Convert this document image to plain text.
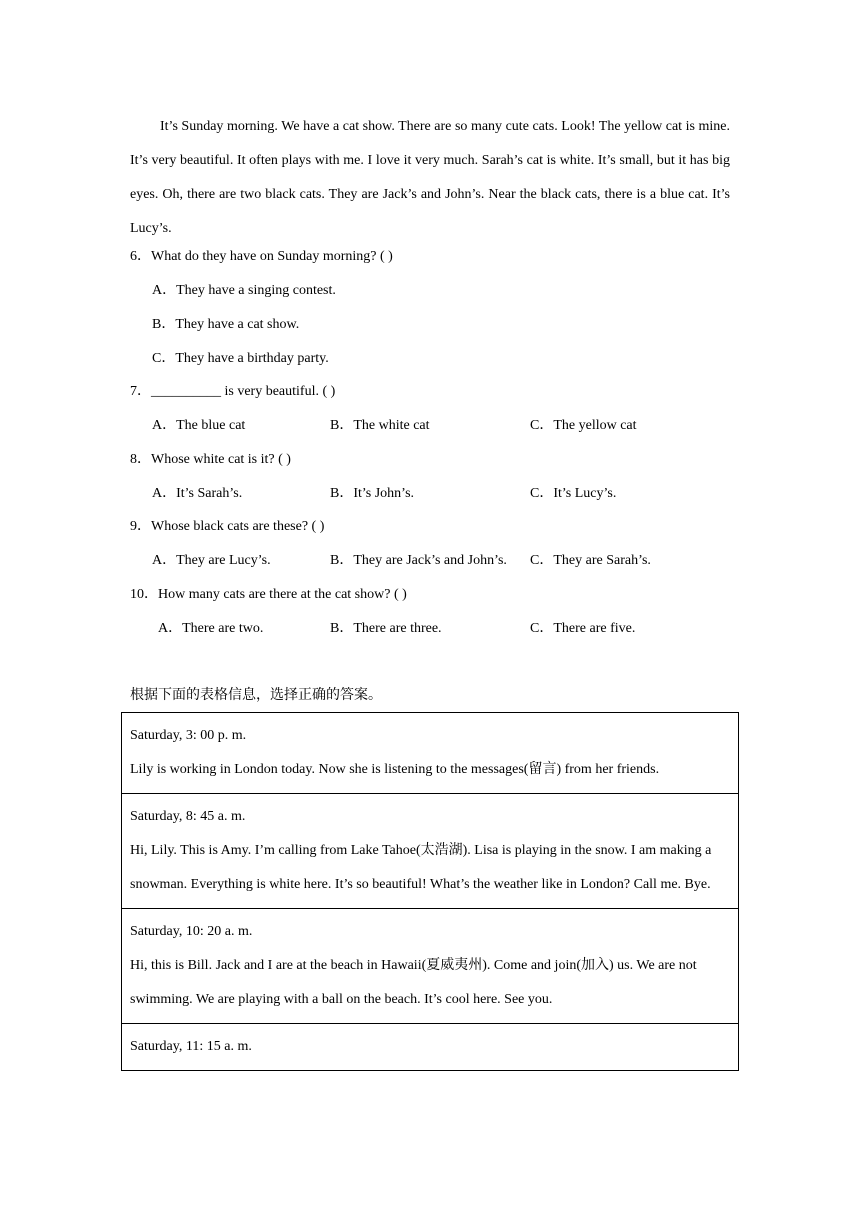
It’s Sunday morning. We have a cat show. There are so many cute cats. Look! The yellow cat is mine. It’s very beautiful. It often plays with me. I love it very much. Sarah’s cat is white. It’s small, but it has big eyes. Oh, there are two black cats. They are Jack’s and John’s. Near the black cats, there is a blue cat. It’s Lucy’s.
6．What do they have on Sunday morning? ( )
A．They have a singing contest.
B．They have a cat show.
C．They have a birthday party.
7．__________ is very beautiful. ( )
A．The blue cat	B．The white cat	C．The yellow cat
8．Whose white cat is it? ( )
A．It’s Sarah’s.	B．It’s John’s.	C．It’s Lucy’s.
9．Whose black cats are these? ( )
A．They are Lucy’s.	B．They are Jack’s and John’s. C．They are Sarah’s.
10．How many cats are there at the cat show? ( )
A．There are two.	B．There are three.	C．There are five.
根据下面的表格信息，选择正确的答案。
Saturday, 3: 00 p. m.
Lily is working in London today. Now she is listening to the messages(留言) from her friends.

Saturday, 8: 45 a. m.
Hi, Lily. This is Amy. I’m calling from Lake Tahoe(太浩湖). Lisa is playing in the snow. I am making a snowman. Everything is white here. It’s so beautiful! What’s the weather like in London? Call me. Bye.

Saturday, 10: 20 a. m.
Hi, this is Bill. Jack and I are at the beach in Hawaii(夏威夷州). Come and join(加入) us. We are not swimming. We are playing with a ball on the beach. It’s cool here. See you.

Saturday, 11: 15 a. m.
